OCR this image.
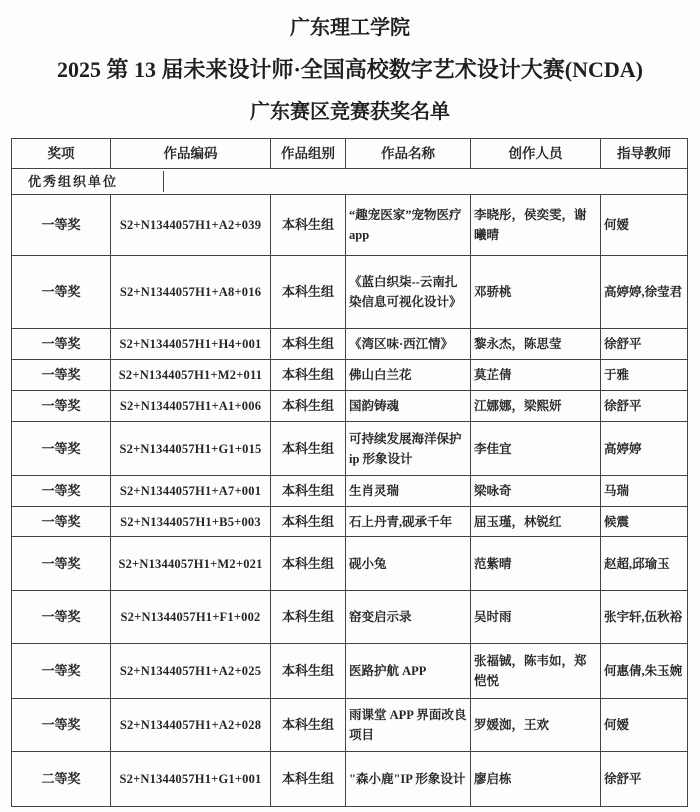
广东理工学院
2025 第 13 届未来设计师·全国高校数字艺术设计大赛(NCDA)
广东赛区竞赛获奖名单
奖项	作品编码	作品组别	作品名称	创作人员	指导教师

优秀组织单位					

一等奖	S2+N1344057H1+A2+039	本科生组	“趣宠医家”宠物医疗 app	李晓彤，侯奕雯，谢曦晴	何嫒
一等奖	S2+N1344057H1+A8+016	本科生组	《蓝白织柒--云南扎染信息可视化设计》	邓骄桃	高婷婷,徐莹君
一等奖	S2+N1344057H1+H4+001	本科生组	《湾区味·西江情》	黎永杰，陈思莹	徐舒平
一等奖	S2+N1344057H1+M2+011	本科生组	佛山白兰花	莫芷倩	于雅
一等奖	S2+N1344057H1+A1+006	本科生组	国韵铸魂	江娜娜，梁熙妍	徐舒平
一等奖	S2+N1344057H1+G1+015	本科生组	可持续发展海洋保护 ip 形象设计	李佳宜	高婷婷
一等奖	S2+N1344057H1+A7+001	本科生组	生肖灵瑞	梁咏奇	马瑞
一等奖	S2+N1344057H1+B5+003	本科生组	石上丹青,砚承千年	屈玉瑾，林锐红	候震
一等奖	S2+N1344057H1+M2+021	本科生组	砚小兔	范紫晴	赵超,邱瑜玉
一等奖	S2+N1344057H1+F1+002	本科生组	窑变启示录	吴时雨	张宇轩,伍秋裕
一等奖	S2+N1344057H1+A2+025	本科生组	医路护航 APP	张福铖，陈韦如，郑恺悦	何惠倩,朱玉婉
一等奖	S2+N1344057H1+A2+028	本科生组	雨课堂 APP 界面改良项目	罗媛洳，王欢	何嫒
二等奖	S2+N1344057H1+G1+001	本科生组	"森小鹿"IP 形象设计	廖启栋	徐舒平
